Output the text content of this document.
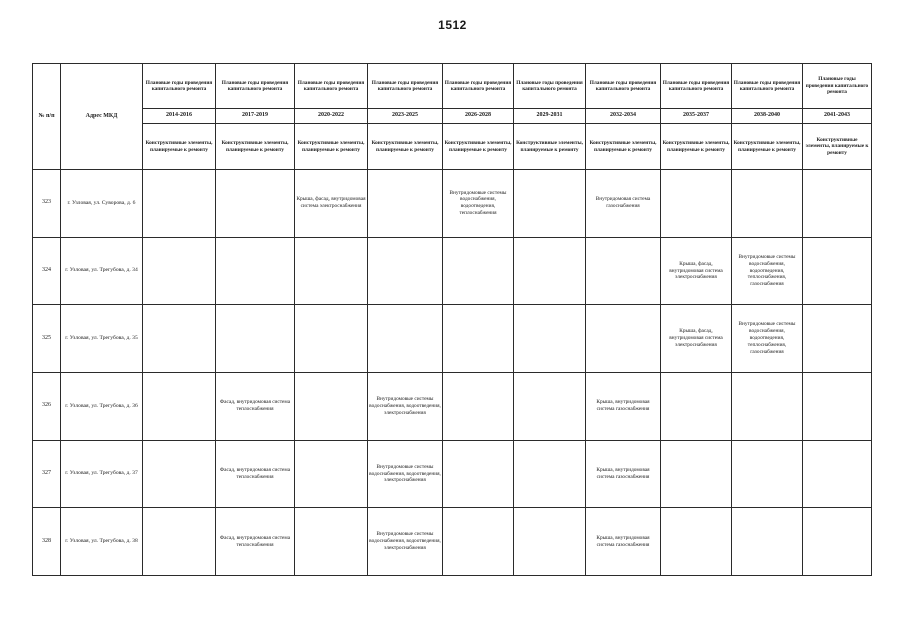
1512
№ п/п	Адрес МКД	Плановые годы проведения капитального ремонта	Плановые годы проведения капитального ремонта	Плановые годы проведения капитального ремонта	Плановые годы проведения капитального ремонта	Плановые годы проведения капитального ремонта	Плановые годы проведения капитального ремонта	Плановые годы проведения капитального ремонта	Плановые годы проведения капитального ремонта	Плановые годы проведения капитального ремонта	Плановые годы проведения капитального ремонта
		2014-2016	2017-2019	2020-2022	2023-2025	2026-2028	2029-2031	2032-2034	2035-2037	2038-2040	2041-2043
		Конструктивные элементы, планируемые к ремонту	Конструктивные элементы, планируемые к ремонту	Конструктивные элементы, планируемые к ремонту	Конструктивные элементы, планируемые к ремонту	Конструктивные элементы, планируемые к ремонту	Конструктивные элементы, планируемые к ремонту	Конструктивные элементы, планируемые к ремонту	Конструктивные элементы, планируемые к ремонту	Конструктивные элементы, планируемые к ремонту	Конструктивные элементы, планируемые к ремонту
323	г. Узловая, ул. Суворова, д. 6			Крыша, фасад, внутридомовая система электроснабжения		Внутридомовые системы водоснабжения, водоотведения, теплоснабжения		Внутридомовая система газоснабжения			
324	г. Узловая, ул. Трегубова, д. 34								Крыша, фасад, внутридомовая система электроснабжения	Внутридомовые системы водоснабжения, водоотведения, теплоснабжения, газоснабжения	
325	г. Узловая, ул. Трегубова, д. 35								Крыша, фасад, внутридомовая система электроснабжения	Внутридомовые системы водоснабжения, водоотведения, теплоснабжения, газоснабжения	
326	г. Узловая, ул. Трегубова, д. 36		Фасад, внутридомовая система теплоснабжения		Внутридомовые системы водоснабжения, водоотведения, электроснабжения			Крыша, внутридомовая система газоснабжения			
327	г. Узловая, ул. Трегубова, д. 37		Фасад, внутридомовая система теплоснабжения		Внутридомовые системы водоснабжения, водоотведения, электроснабжения			Крыша, внутридомовая система газоснабжения			
328	г. Узловая, ул. Трегубова, д. 38		Фасад, внутридомовая система теплоснабжения		Внутридомовые системы водоснабжения, водоотведения, электроснабжения			Крыша, внутридомовая система газоснабжения			
